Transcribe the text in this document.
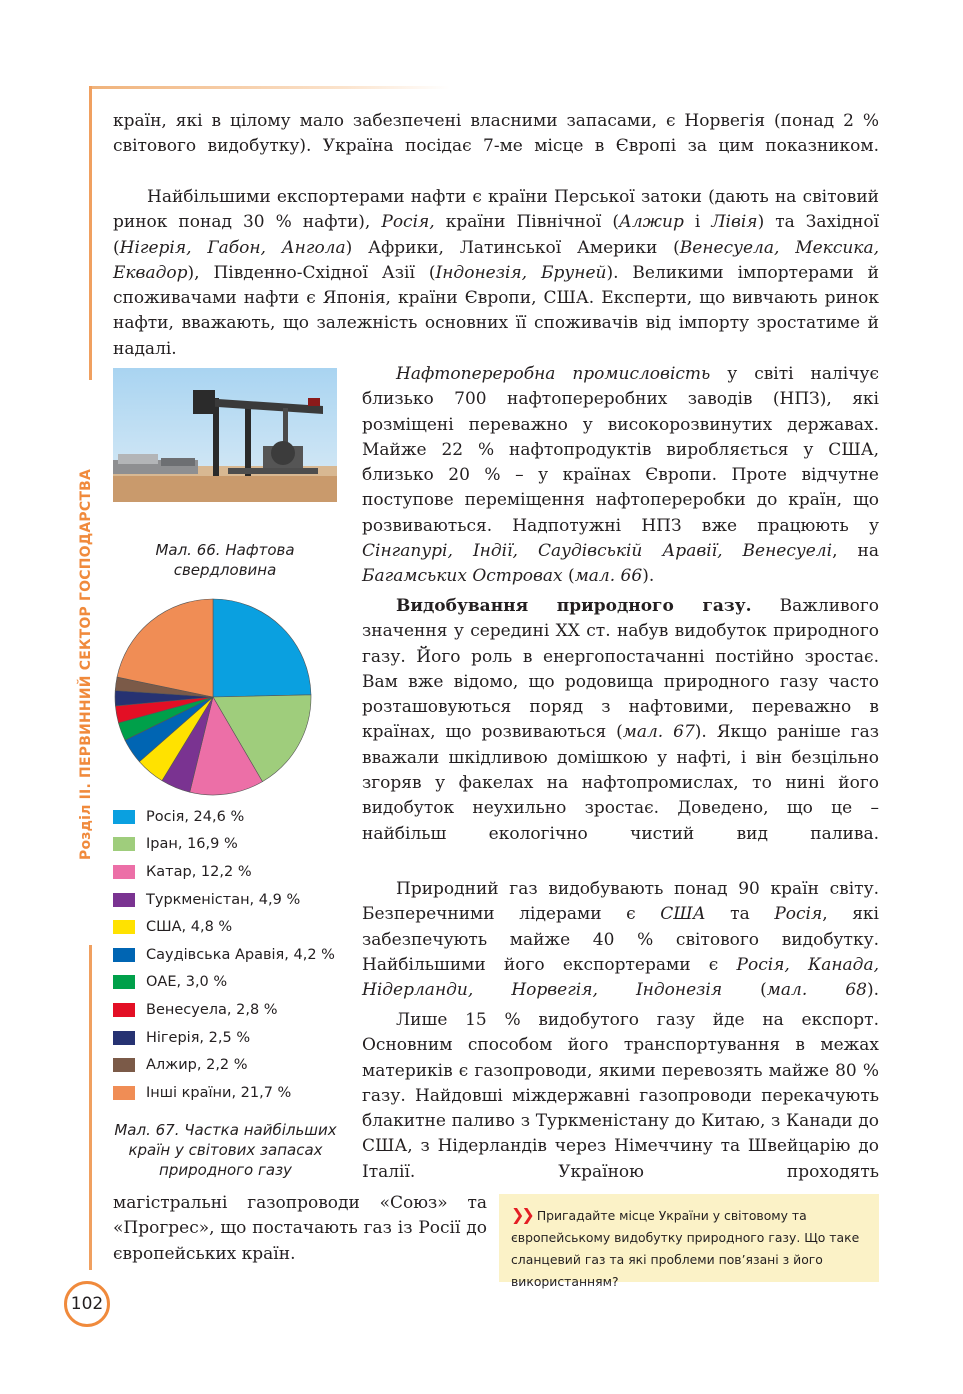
Розділ II. ПЕРВИННИЙ СЕКТОР ГОСПОДАРСТВА

країн, які в цілому мало забезпечені власними запасами, є Норвегія (понад 2 % світового видобутку). Україна посідає 7-ме місце в Європі за цим показником.

Найбільшими експортерами нафти є країни Перської затоки (дають на світовий ринок понад 30 % нафти), Росія, країни Північної (Алжир і Лівія) та Західної (Нігерія, Габон, Ангола) Африки, Латинської Америки (Венесуела, Мексика, Еквадор), Південно-Східної Азії (Індонезія, Бруней). Великими імпортерами й споживачами нафти є Японія, країни Європи, США. Експерти, що вивчають ринок нафти, вважають, що залежність основних її споживачів від імпорту зростатиме й надалі.

Мал. 66. Нафтова свердловина
Росія, 24,6 %
Іран, 16,9 %
Катар, 12,2 %
Туркменістан, 4,9 %
США, 4,8 %
Саудівська Аравія, 4,2 %
ОАЕ, 3,0 %
Венесуела, 2,8 %
Нігерія, 2,5 %
Алжир, 2,2 %
Інші країни, 21,7 %
Мал. 67. Частка найбільших країн у світових запасах природного газу

Нафтопереробна промисловість у світі налічує близько 700 нафтопереробних заводів (НПЗ), які розміщені переважно у високорозвинутих державах. Майже 22 % нафтопродуктів виробляється у США, близько 20 % – у країнах Європи. Проте відчутне поступове переміщення нафтопереробки до країн, що розвиваються. Надпотужні НПЗ вже працюють у Сінгапурі, Індії, Саудівській Аравії, Венесуелі, на Багамських Островах (мал. 66).

Видобування природного газу. Важливого значення у середині XX ст. набув видобуток природного газу. Його роль в енергопостачанні постійно зростає. Вам вже відомо, що родовища природного газу часто розташовуються поряд з нафтовими, переважно в країнах, що розвиваються (мал. 67). Якщо раніше газ вважали шкідливою домішкою у нафті, і він безцільно згоряв у факелах на нафтопромислах, то нині його видобуток неухильно зростає. Доведено, що це – найбільш екологічно чистий вид палива.

Природний газ видобувають понад 90 країн світу. Безперечними лідерами є США та Росія, які забезпечують майже 40 % світового видобутку. Найбільшими його експортерами є Росія, Канада, Нідерланди, Норвегія, Індонезія (мал. 68).

Лише 15 % видобутого газу йде на експорт. Основним способом його транспортування в межах материків є газопроводи, якими перевозять майже 80 % газу. Найдовші міждержавні газопроводи перекачують блакитне паливо з Туркменістану до Китаю, з Канади до США, з Нідерландів через Німеччину та Швейцарію до Італії. Україною проходять

магістральні газопроводи «Союз» та «Прогрес», що постачають газ із Росії до європейських країн.

❯❯ Пригадайте місце України у світовому та європейському видобутку природного газу. Що таке сланцевий газ та які проблеми пов’язані з його використанням?
102
